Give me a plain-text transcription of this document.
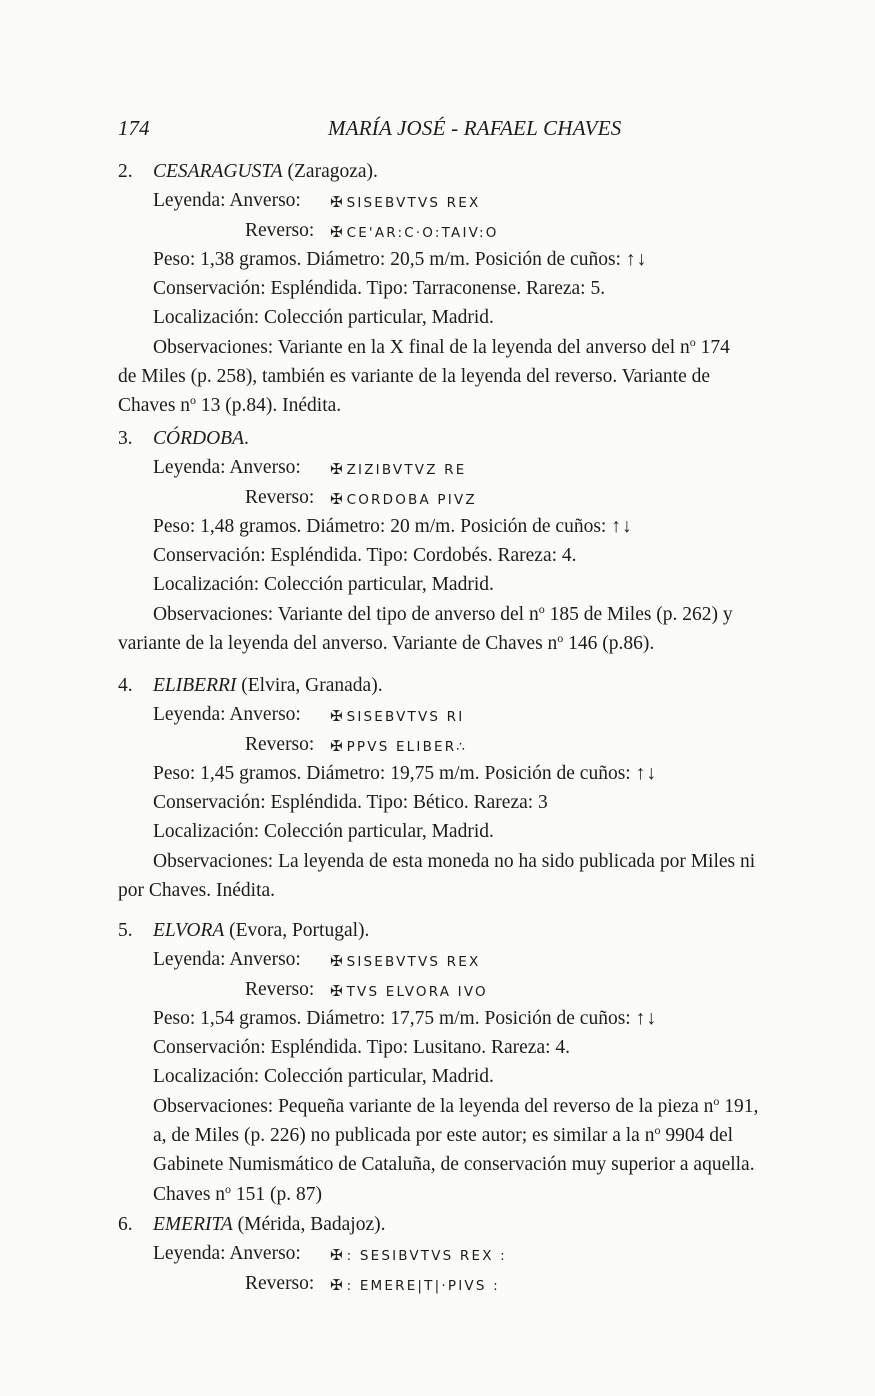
174	MARÍA JOSÉ - RAFAEL CHAVES
2. CESARAGUSTA (Zaragoza).
Leyenda: Anverso: ✠ SISEBVTVS REX
Reverso: ✠ CE'AR:C·O:TAIV:O
Peso: 1,38 gramos. Diámetro: 20,5 m/m. Posición de cuños: ↑↓
Conservación: Espléndida. Tipo: Tarraconense. Rareza: 5.
Localización: Colección particular, Madrid.
Observaciones: Variante en la X final de la leyenda del anverso del $n^o$ 174
de Miles (p. 258), también es variante de la leyenda del reverso. Variante de
Chaves $n^o$ 13 (p.84). Inédita.
3. CÓRDOBA.
Leyenda: Anverso: ✠ ZIZIBVTVZ RE
Reverso: ✠ CORDOBA PIVZ
Peso: 1,48 gramos. Diámetro: 20 m/m. Posición de cuños: ↑↓
Conservación: Espléndida. Tipo: Cordobés. Rareza: 4.
Localización: Colección particular, Madrid.
Observaciones: Variante del tipo de anverso del $n^o$ 185 de Miles (p. 262) y
variante de la leyenda del anverso. Variante de Chaves $n^o$ 146 (p.86).
4. ELIBERRI (Elvira, Granada).
Leyenda: Anverso: ✠ SISEBVTVS RI
Reverso: ✠ PPVS ELIBER∴
Peso: 1,45 gramos. Diámetro: 19,75 m/m. Posición de cuños: ↑↓
Conservación: Espléndida. Tipo: Bético. Rareza: 3
Localización: Colección particular, Madrid.
Observaciones: La leyenda de esta moneda no ha sido publicada por Miles ni
por Chaves. Inédita.
5. ELVORA (Evora, Portugal).
Leyenda: Anverso: ✠ SISEBVTVS REX
Reverso: ✠ TVS ELVORA IVO
Peso: 1,54 gramos. Diámetro: 17,75 m/m. Posición de cuños: ↑↓
Conservación: Espléndida. Tipo: Lusitano. Rareza: 4.
Localización: Colección particular, Madrid.
Observaciones: Pequeña variante de la leyenda del reverso de la pieza $n^o$ 191,
a, de Miles (p. 226) no publicada por este autor; es similar a la $n^o$ 9904 del
Gabinete Numismático de Cataluña, de conservación muy superior a aquella.
Chaves $n^o$ 151 (p. 87)
6. EMERITA (Mérida, Badajoz).
Leyenda: Anverso: ✠ : SESIBVTVS REX :
Reverso: ✠ : EMERE|T|·PIVS :
